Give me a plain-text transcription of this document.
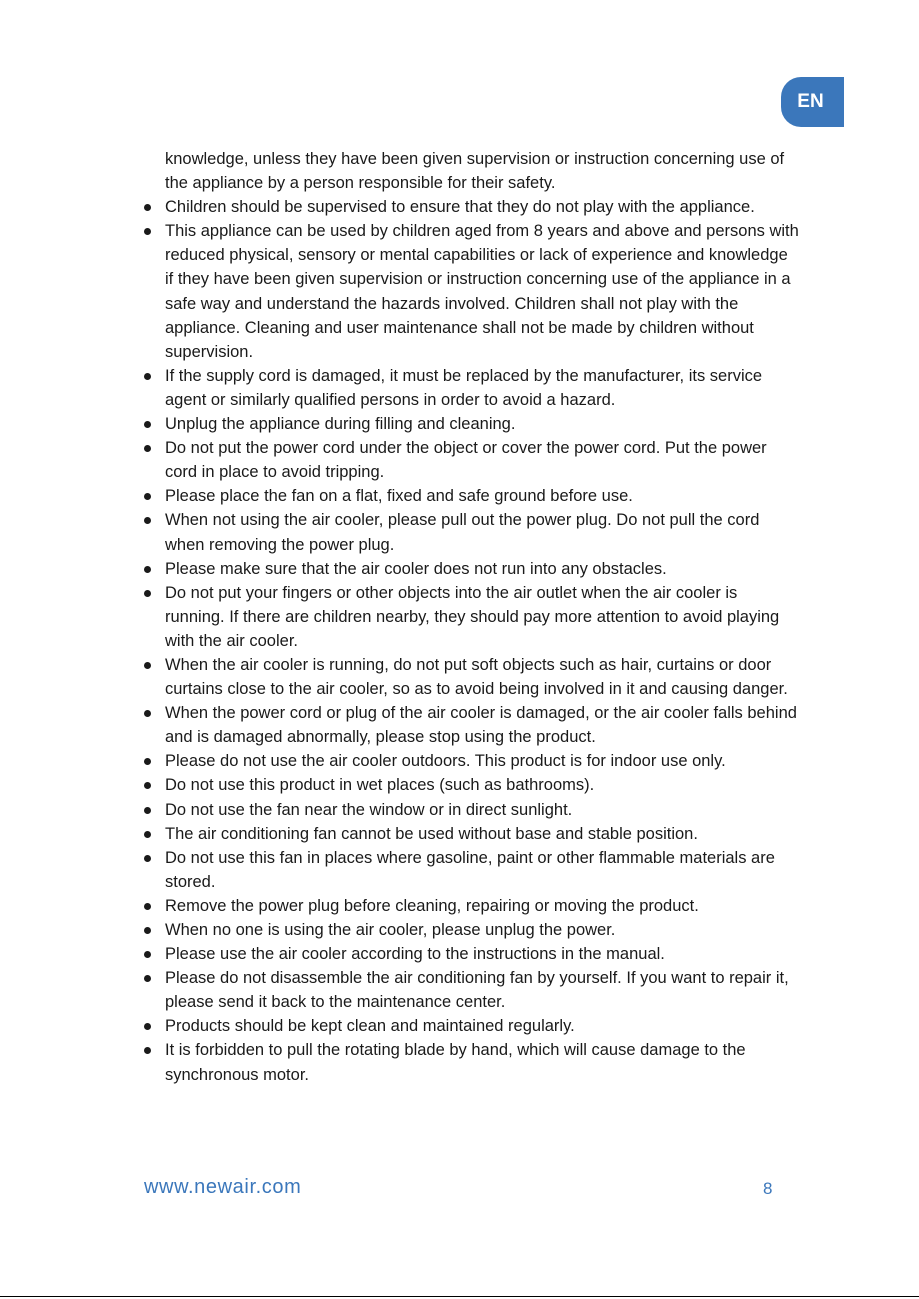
EN

knowledge, unless they have been given supervision or instruction concerning use of the appliance by a person responsible for their safety.

Children should be supervised to ensure that they do not play with the appliance.
This appliance can be used by children aged from 8 years and above and persons with reduced physical, sensory or mental capabilities or lack of experience and knowledge if they have been given supervision or instruction concerning use of the appliance in a safe way and understand the hazards involved. Children shall not play with the appliance. Cleaning and user maintenance shall not be made by children without supervision.
If the supply cord is damaged, it must be replaced by the manufacturer, its service agent or similarly qualified persons in order to avoid a hazard.
Unplug the appliance during filling and cleaning.
Do not put the power cord under the object or cover the power cord. Put the power cord in place to avoid tripping.
Please place the fan on a flat, fixed and safe ground before use.
When not using the air cooler, please pull out the power plug. Do not pull the cord when removing the power plug.
Please make sure that the air cooler does not run into any obstacles.
Do not put your fingers or other objects into the air outlet when the air cooler is running. If there are children nearby, they should pay more attention to avoid playing with the air cooler.
When the air cooler is running, do not put soft objects such as hair, curtains or door curtains close to the air cooler, so as to avoid being involved in it and causing danger.
When the power cord or plug of the air cooler is damaged, or the air cooler falls behind and is damaged abnormally, please stop using the product.
Please do not use the air cooler outdoors. This product is for indoor use only.
Do not use this product in wet places (such as bathrooms).
Do not use the fan near the window or in direct sunlight.
The air conditioning fan cannot be used without base and stable position.
Do not use this fan in places where gasoline, paint or other flammable materials are stored.
Remove the power plug before cleaning, repairing or moving the product.
When no one is using the air cooler, please unplug the power.
Please use the air cooler according to the instructions in the manual.
Please do not disassemble the air conditioning fan by yourself. If you want to repair it, please send it back to the maintenance center.
Products should be kept clean and maintained regularly.
It is forbidden to pull the rotating blade by hand, which will cause damage to the synchronous motor.
www.newair.com	8
